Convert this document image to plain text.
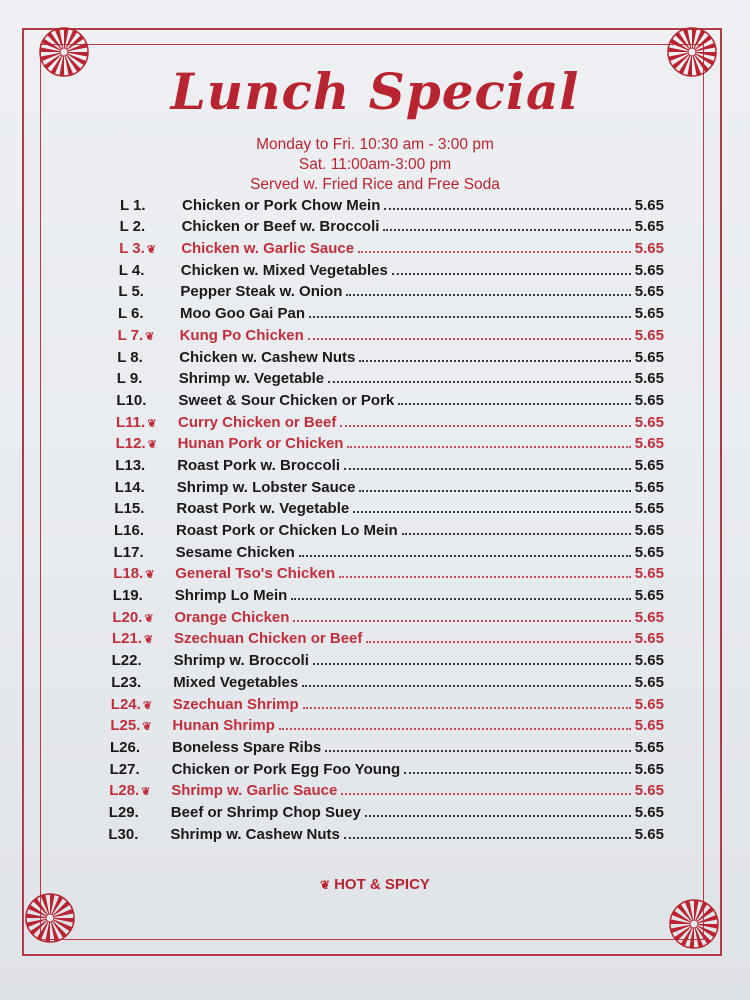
Lunch Special
Monday to Fri. 10:30 am - 3:00 pm
Sat. 11:00am-3:00 pm
Served w. Fried Rice and Free Soda
L 1.	Chicken or Pork Chow Mein	5.65
L 2.	Chicken or Beef w. Broccoli	5.65
L 3. ❦	Chicken w. Garlic Sauce	5.65
L 4.	Chicken w. Mixed Vegetables	5.65
L 5.	Pepper Steak w. Onion	5.65
L 6.	Moo Goo Gai Pan	5.65
L 7. ❦	Kung Po Chicken	5.65
L 8.	Chicken w. Cashew Nuts	5.65
L 9.	Shrimp w. Vegetable	5.65
L10.	Sweet & Sour Chicken or Pork	5.65
L11. ❦	Curry Chicken or Beef	5.65
L12. ❦	Hunan Pork or Chicken	5.65
L13.	Roast Pork w. Broccoli	5.65
L14.	Shrimp w. Lobster Sauce	5.65
L15.	Roast Pork w. Vegetable	5.65
L16.	Roast Pork or Chicken Lo Mein	5.65
L17.	Sesame Chicken	5.65
L18. ❦	General Tso's Chicken	5.65
L19.	Shrimp Lo Mein	5.65
L20. ❦	Orange Chicken	5.65
L21. ❦	Szechuan Chicken or Beef	5.65
L22.	Shrimp w. Broccoli	5.65
L23.	Mixed Vegetables	5.65
L24. ❦	Szechuan Shrimp	5.65
L25. ❦	Hunan Shrimp	5.65
L26.	Boneless Spare Ribs	5.65
L27.	Chicken or Pork Egg Foo Young	5.65
L28. ❦	Shrimp w. Garlic Sauce	5.65
L29.	Beef or Shrimp Chop Suey	5.65
L30.	Shrimp w. Cashew Nuts	5.65
❦ HOT & SPICY
